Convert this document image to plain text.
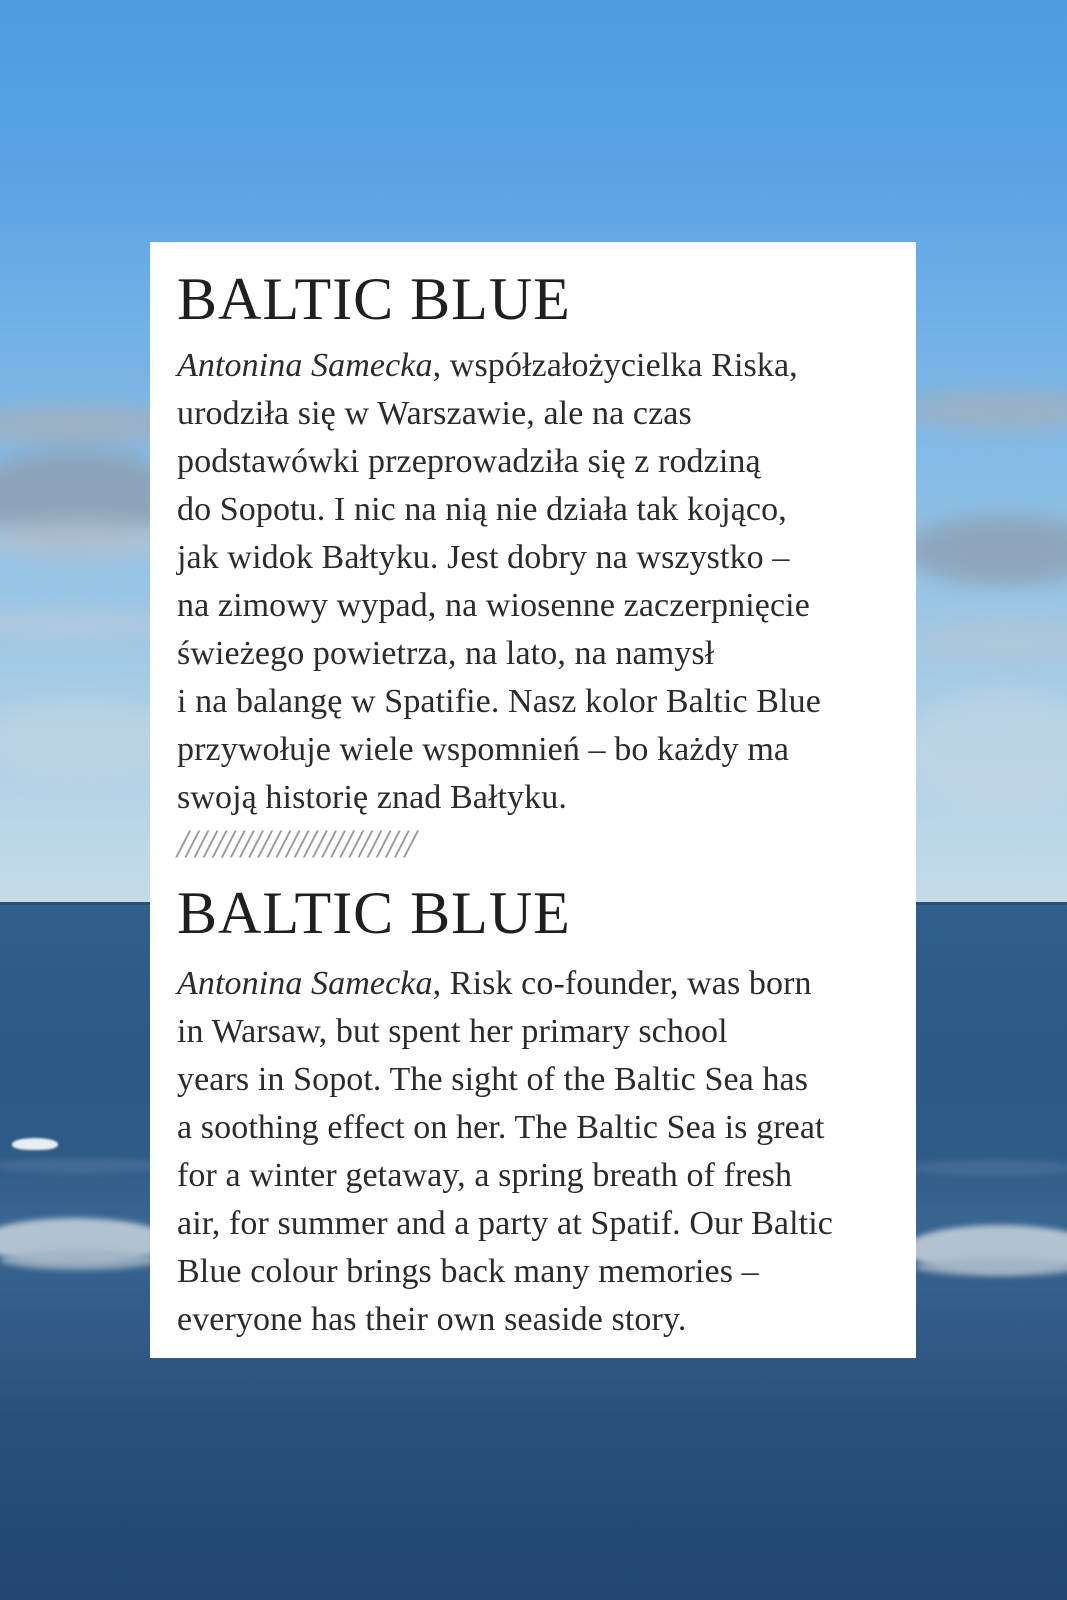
BALTIC BLUE

Antonina Samecka, współzałożycielka Riska,
urodziła się w Warszawie, ale na czas
podstawówki przeprowadziła się z rodziną
do Sopotu. I nic na nią nie działa tak kojąco,
jak widok Bałtyku. Jest dobry na wszystko –
na zimowy wypad, na wiosenne zaczerpnięcie
świeżego powietrza, na lato, na namysł
i na balangę w Spatifie. Nasz kolor Baltic Blue
przywołuje wiele wspomnień – bo każdy ma
swoją historię znad Bałtyku.

//////////////////////////
BALTIC BLUE

Antonina Samecka, Risk co-founder, was born
in Warsaw, but spent her primary school
years in Sopot. The sight of the Baltic Sea has
a soothing effect on her. The Baltic Sea is great
for a winter getaway, a spring breath of fresh
air, for summer and a party at Spatif. Our Baltic
Blue colour brings back many memories –
everyone has their own seaside story.
